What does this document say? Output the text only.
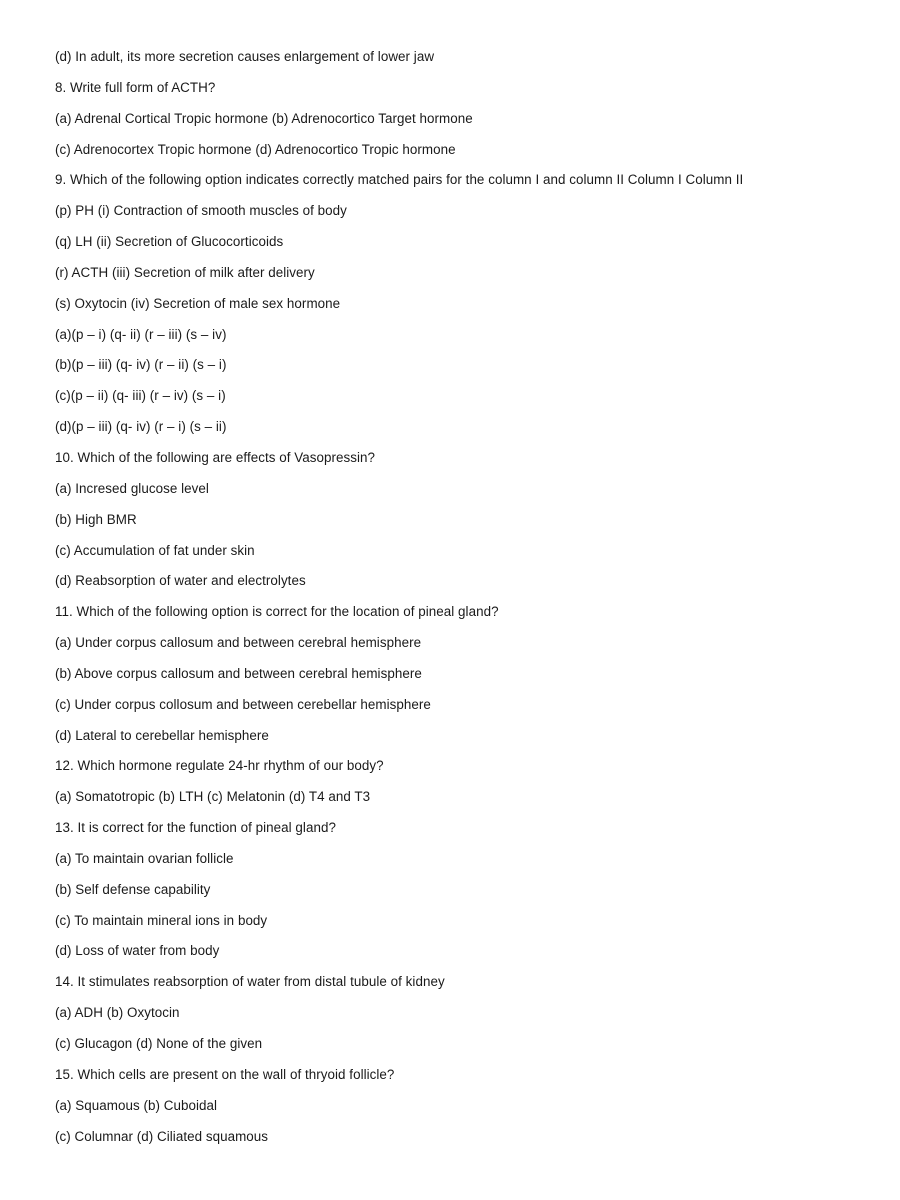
(d) In adult, its more secretion causes enlargement of lower jaw
8. Write full form of ACTH?
(a) Adrenal Cortical Tropic hormone (b) Adrenocortico Target hormone
(c) Adrenocortex Tropic hormone (d) Adrenocortico Tropic hormone
9. Which of the following option indicates correctly matched pairs for the column I and column II Column I Column II
(p) PH (i) Contraction of smooth muscles of body
(q) LH (ii) Secretion of Glucocorticoids
(r) ACTH (iii) Secretion of milk after delivery
(s) Oxytocin (iv) Secretion of male sex hormone
(a)(p – i) (q- ii) (r – iii) (s – iv)
(b)(p – iii) (q- iv) (r – ii) (s – i)
(c)(p – ii) (q- iii) (r – iv) (s – i)
(d)(p – iii) (q- iv) (r – i) (s – ii)
10. Which of the following are effects of Vasopressin?
(a) Incresed glucose level
(b) High BMR
(c) Accumulation of fat under skin
(d) Reabsorption of water and electrolytes
11. Which of the following option is correct for the location of pineal gland?
(a) Under corpus callosum and between cerebral hemisphere
(b) Above corpus callosum and between cerebral hemisphere
(c) Under corpus collosum and between cerebellar hemisphere
(d) Lateral to cerebellar hemisphere
12. Which hormone regulate 24-hr rhythm of our body?
(a) Somatotropic (b) LTH (c) Melatonin (d) T4 and T3
13. It is correct for the function of pineal gland?
(a) To maintain ovarian follicle
(b) Self defense capability
(c) To maintain mineral ions in body
(d) Loss of water from body
14. It stimulates reabsorption of water from distal tubule of kidney
(a) ADH (b) Oxytocin
(c) Glucagon (d) None of the given
15. Which cells are present on the wall of thryoid follicle?
(a) Squamous (b) Cuboidal
(c) Columnar (d) Ciliated squamous
